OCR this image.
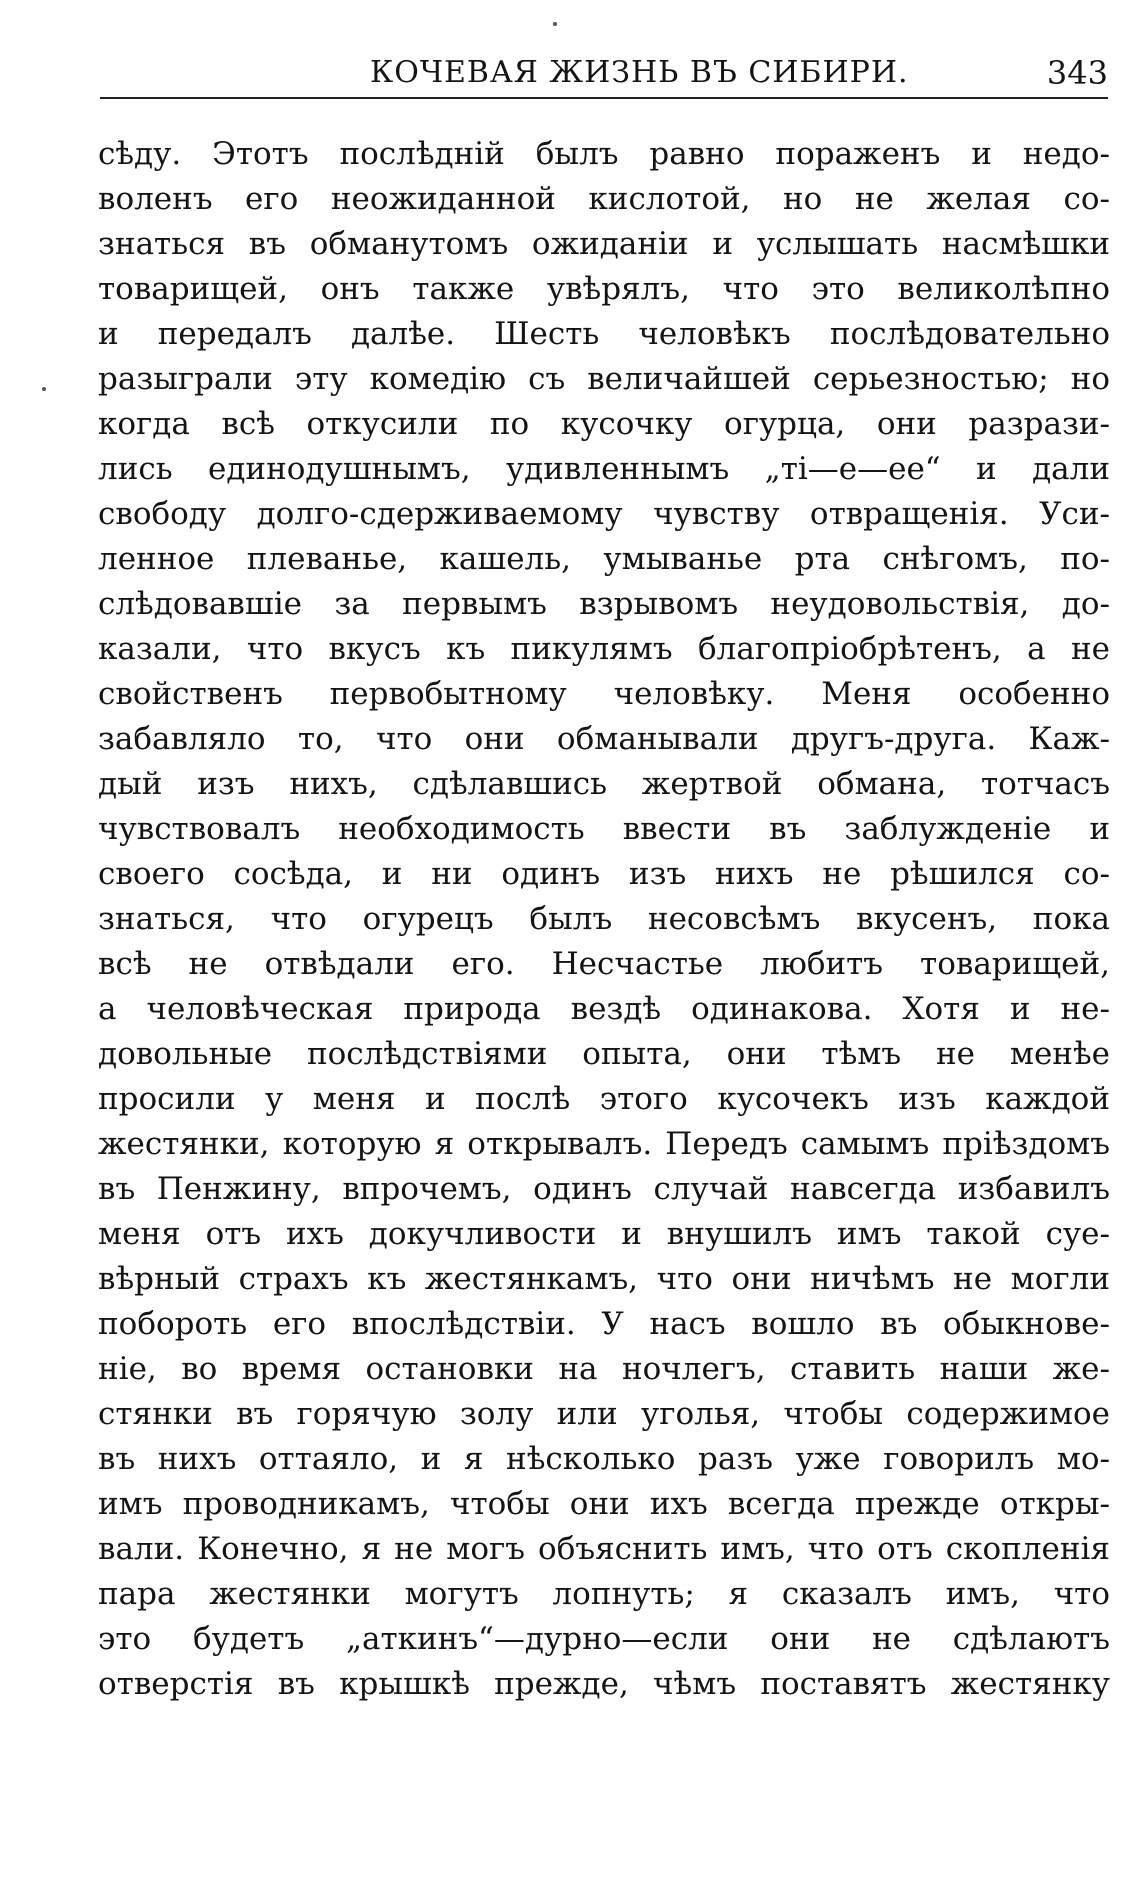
КОЧЕВАЯ ЖИЗНЬ ВЪ СИБИРИ.	343
сѣду. Этотъ послѣдній былъ равно пораженъ и недо-
воленъ его неожиданной кислотой, но не желая со-
знаться въ обманутомъ ожиданіи и услышать насмѣшки
товарищей, онъ также увѣрялъ, что это великолѣпно
и передалъ далѣе. Шесть человѣкъ послѣдовательно
разыграли эту комедію съ величайшей серьезностью; но
когда всѣ откусили по кусочку огурца, они разрази-
лись единодушнымъ, удивленнымъ „ті—е—ее“ и дали
свободу долго-сдерживаемому чувству отвращенія. Уси-
ленное плеванье, кашель, умыванье рта снѣгомъ, по-
слѣдовавшіе за первымъ взрывомъ неудовольствія, до-
казали, что вкусъ къ пикулямъ благопріобрѣтенъ, а не
свойственъ первобытному человѣку. Меня особенно
забавляло то, что они обманывали другъ-друга. Каж-
дый изъ нихъ, сдѣлавшись жертвой обмана, тотчасъ
чувствовалъ необходимость ввести въ заблужденіе и
своего сосѣда, и ни одинъ изъ нихъ не рѣшился со-
знаться, что огурецъ былъ несовсѣмъ вкусенъ, пока
всѣ не отвѣдали его. Несчастье любитъ товарищей,
а человѣческая природа вездѣ одинакова. Хотя и не-
довольные послѣдствіями опыта, они тѣмъ не менѣе
просили у меня и послѣ этого кусочекъ изъ каждой
жестянки, которую я открывалъ. Передъ самымъ пріѣздомъ
въ Пенжину, впрочемъ, одинъ случай навсегда избавилъ
меня отъ ихъ докучливости и внушилъ имъ такой суе-
вѣрный страхъ къ жестянкамъ, что они ничѣмъ не могли
побороть его впослѣдствіи. У насъ вошло въ обыкнове-
ніе, во время остановки на ночлегъ, ставить наши же-
стянки въ горячую золу или уголья, чтобы содержимое
въ нихъ оттаяло, и я нѣсколько разъ уже говорилъ мо-
имъ проводникамъ, чтобы они ихъ всегда прежде откры-
вали. Конечно, я не могъ объяснить имъ, что отъ скопленія
пара жестянки могутъ лопнуть; я сказалъ имъ, что
это будетъ „аткинъ“—дурно—если они не сдѣлаютъ
отверстія въ крышкѣ прежде, чѣмъ поставятъ жестянку
